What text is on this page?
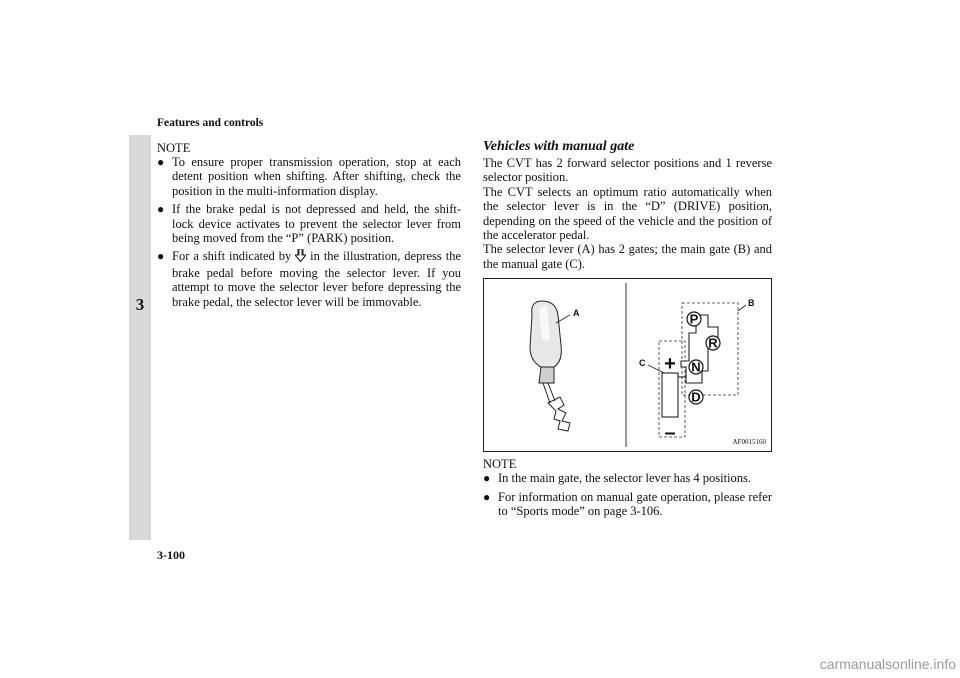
Features and controls
3
NOTE
● To ensure proper transmission operation, stop at each detent position when shifting. After shifting, check the position in the multi-information display.
● If the brake pedal is not depressed and held, the shift-lock device activates to prevent the selector lever from being moved from the “P” (PARK) position.
● For a shift indicated by  in the illustration, depress the brake pedal before moving the selector lever. If you attempt to move the selector lever before depressing the brake pedal, the selector lever will be immovable.
Vehicles with manual gate

The CVT has 2 forward selector positions and 1 reverse selector position.

The CVT selects an optimum ratio automatically when the selector lever is in the “D” (DRIVE) position, depending on the speed of the vehicle and the position of the accelerator pedal.

The selector lever (A) has 2 gates; the main gate (B) and the manual gate (C).

A	P
R
N
D
+
–
B
C
AF0015160
NOTE
● In the main gate, the selector lever has 4 positions.
● For information on manual gate operation, please refer to “Sports mode” on page 3-106.
3-100
carmanualsonline.info
